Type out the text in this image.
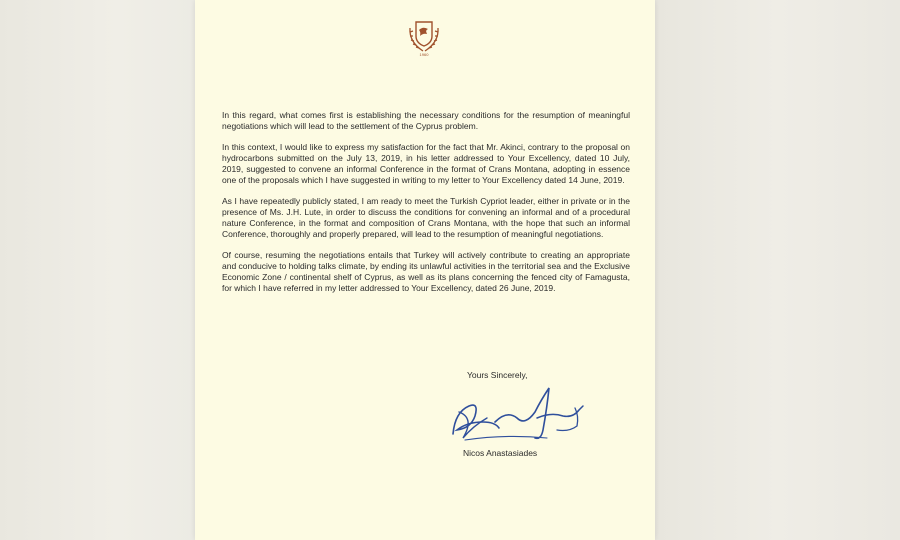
1960

In this regard, what comes first is establishing the necessary conditions for the resumption of meaningful negotiations which will lead to the settlement of the Cyprus problem.

In this context, I would like to express my satisfaction for the fact that Mr. Akinci, contrary to the proposal on hydrocarbons submitted on the July 13, 2019, in his letter addressed to Your Excellency, dated 10 July, 2019, suggested to convene an informal Conference in the format of Crans Montana, adopting in essence one of the proposals which I have suggested in writing to my letter to Your Excellency dated 14 June, 2019.

As I have repeatedly publicly stated, I am ready to meet the Turkish Cypriot leader, either in private or in the presence of Ms. J.H. Lute, in order to discuss the conditions for convening an informal and of a procedural nature Conference, in the format and composition of Crans Montana, with the hope that such an informal Conference, thoroughly and properly prepared, will lead to the resumption of meaningful negotiations.

Of course, resuming the negotiations entails that Turkey will actively contribute to creating an appropriate and conducive to holding talks climate, by ending its unlawful activities in the territorial sea and the Exclusive Economic Zone / continental shelf of Cyprus, as well as its plans concerning the fenced city of Famagusta, for which I have referred in my letter addressed to Your Excellency, dated 26 June, 2019.

Yours Sincerely,
Nicos Anastasiades
